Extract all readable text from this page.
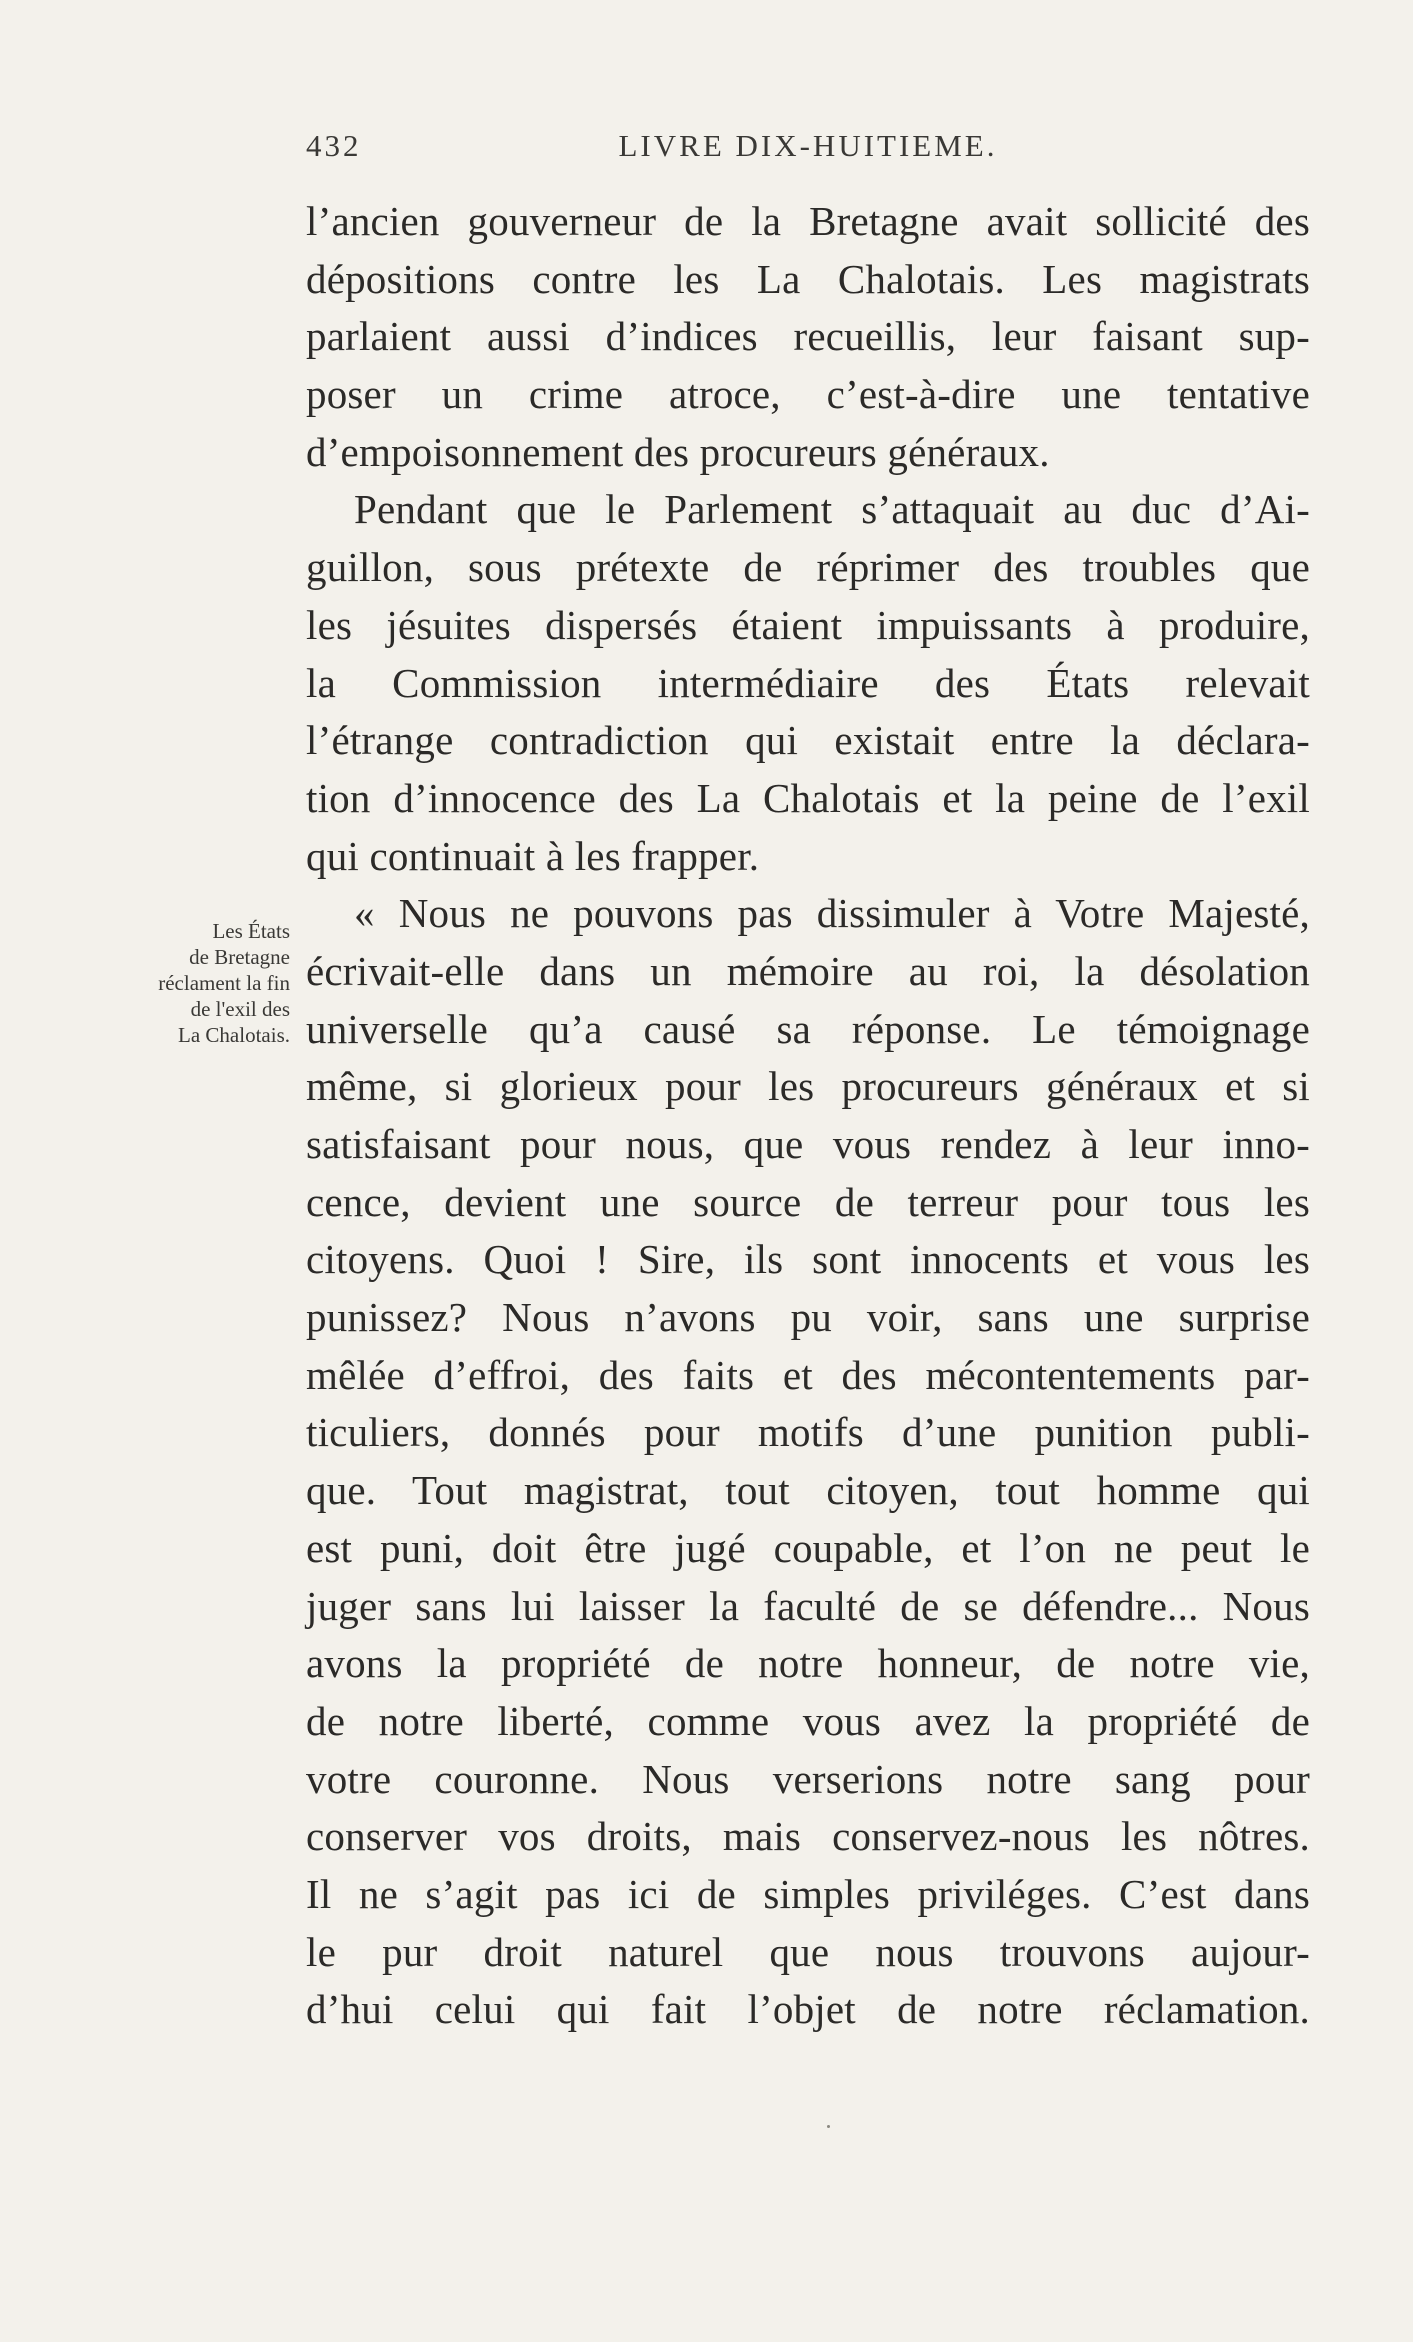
432	LIVRE DIX-HUITIEME.
Les États
de Bretagne
réclament la fin
de l'exil des
La Chalotais.
l’ancien gouverneur de la Bretagne avait sollicité des
dépositions contre les La Chalotais. Les magistrats
parlaient aussi d’indices recueillis, leur faisant sup-
poser un crime atroce, c’est-à-dire une tentative
d’empoisonnement des procureurs généraux.
Pendant que le Parlement s’attaquait au duc d’Ai-
guillon, sous prétexte de réprimer des troubles que
les jésuites dispersés étaient impuissants à produire,
la Commission intermédiaire des États relevait
l’étrange contradiction qui existait entre la déclara-
tion d’innocence des La Chalotais et la peine de l’exil
qui continuait à les frapper.
« Nous ne pouvons pas dissimuler à Votre Majesté,
écrivait-elle dans un mémoire au roi, la désolation
universelle qu’a causé sa réponse. Le témoignage
même, si glorieux pour les procureurs généraux et si
satisfaisant pour nous, que vous rendez à leur inno-
cence, devient une source de terreur pour tous les
citoyens. Quoi ! Sire, ils sont innocents et vous les
punissez? Nous n’avons pu voir, sans une surprise
mêlée d’effroi, des faits et des mécontentements par-
ticuliers, donnés pour motifs d’une punition publi-
que. Tout magistrat, tout citoyen, tout homme qui
est puni, doit être jugé coupable, et l’on ne peut le
juger sans lui laisser la faculté de se défendre... Nous
avons la propriété de notre honneur, de notre vie,
de notre liberté, comme vous avez la propriété de
votre couronne. Nous verserions notre sang pour
conserver vos droits, mais conservez-nous les nôtres.
Il ne s’agit pas ici de simples priviléges. C’est dans
le pur droit naturel que nous trouvons aujour-
d’hui celui qui fait l’objet de notre réclamation.
